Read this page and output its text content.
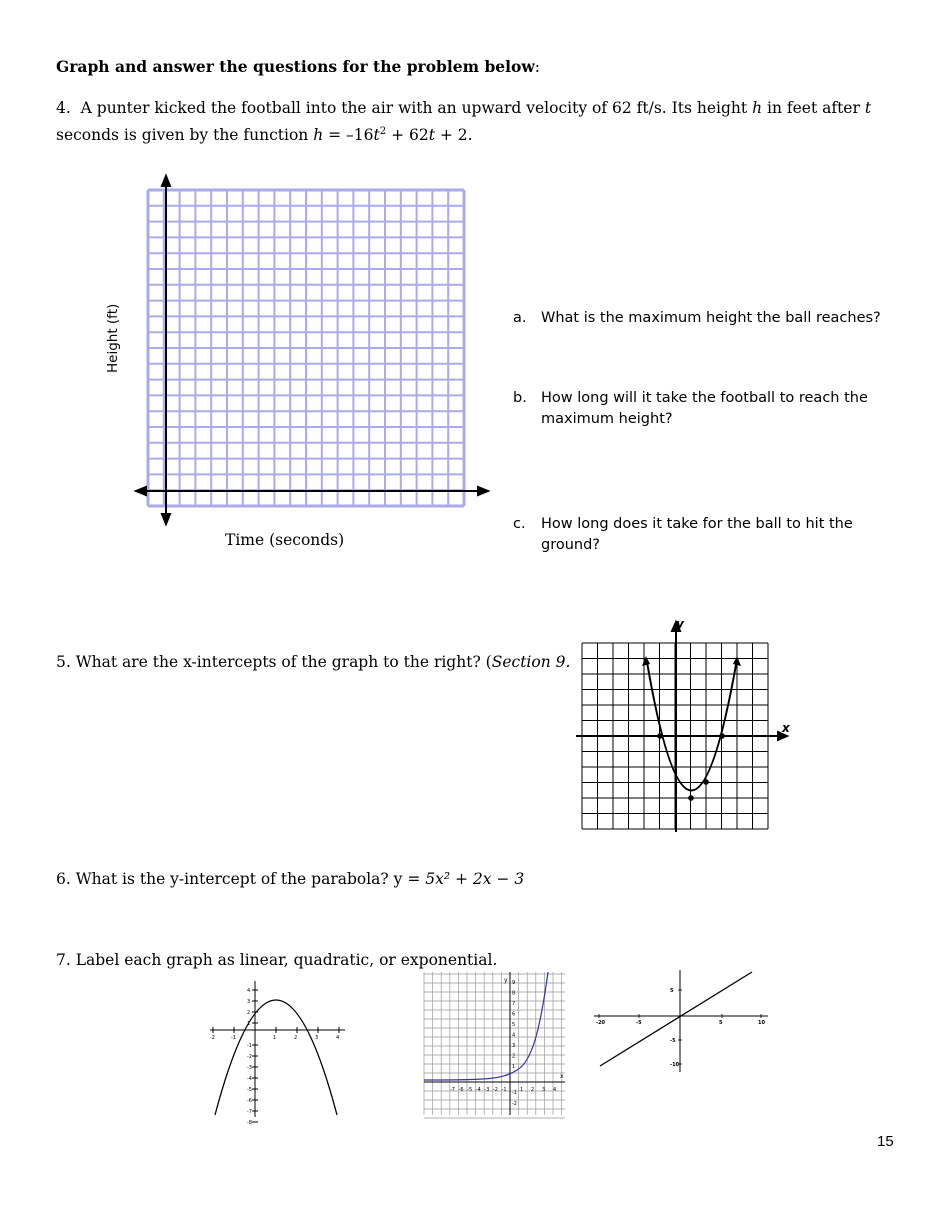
Graph and answer the questions for the problem below:
4. A punter kicked the football into the air with an upward velocity of 62 ft/s. Its height h in feet after t
seconds is given by the function $h = -16t^2 + 62t + 2$.
Height (ft)
Time (seconds)
a. What is the maximum height the ball reaches?
b. How long will it take the football to reach the
maximum height?
c. How long does it take for the ball to hit the
ground?
5. What are the x-intercepts of the graph to the right? (Section 9.
x
y
6. What is the y-intercept of the parabola? y = 5x² + 2x − 3
7. Label each graph as linear, quadratic, or exponential.
-2	-1	1	2	3	4
4
3
2
1
-1
-2
-3
-4
-5
-6
-7
-8
-7 -6 -5 -4 -3 -2 -1	1 2 3 4
9
8
7
6
5
4
3
2
1
-1
-2
x
y
-20	-5	5	10
5
-5
-10
15
